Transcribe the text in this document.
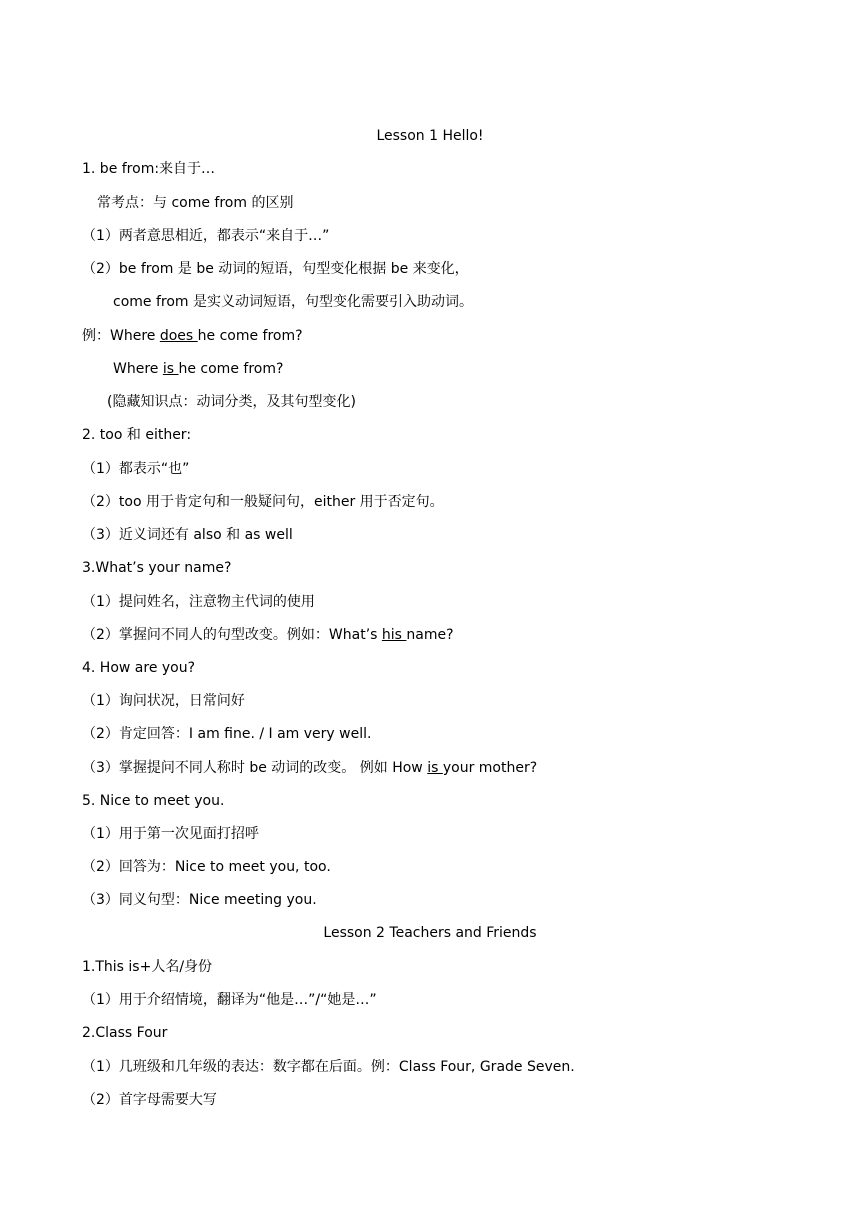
Lesson 1 Hello!
1. be from:来自于…
常考点：与 come from 的区别
（1）两者意思相近，都表示“来自于…”
（2）be from 是 be 动词的短语，句型变化根据 be 来变化，
come from 是实义动词短语，句型变化需要引入助动词。
例：Where does he come from?
Where is he come from?
(隐藏知识点：动词分类，及其句型变化)
2. too 和 either:
（1）都表示“也”
（2）too 用于肯定句和一般疑问句，either 用于否定句。
（3）近义词还有 also 和 as well
3.What’s your name?
（1）提问姓名，注意物主代词的使用
（2）掌握问不同人的句型改变。例如：What’s his name?
4. How are you?
（1）询问状况，日常问好
（2）肯定回答：I am fine. / I am very well.
（3）掌握提问不同人称时 be 动词的改变。 例如 How is your mother?
5. Nice to meet you.
（1）用于第一次见面打招呼
（2）回答为：Nice to meet you, too.
（3）同义句型：Nice meeting you.
Lesson 2 Teachers and Friends
1.This is+人名/身份
（1）用于介绍情境，翻译为“他是…”/“她是…”
2.Class Four
（1）几班级和几年级的表达：数字都在后面。例：Class Four, Grade Seven.
（2）首字母需要大写
